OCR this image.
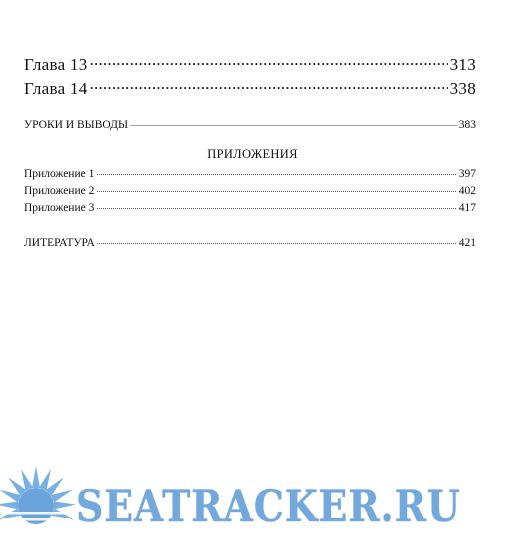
Глава 13 .....	313
Глава 14 .....	338
УРОКИ И ВЫВОДЫ .....	383
ПРИЛОЖЕНИЯ
Приложение 1 .....	397
Приложение 2 .....	402
Приложение 3 .....	417
ЛИТЕРАТУРА .....	421
SEATRACKER.RU
